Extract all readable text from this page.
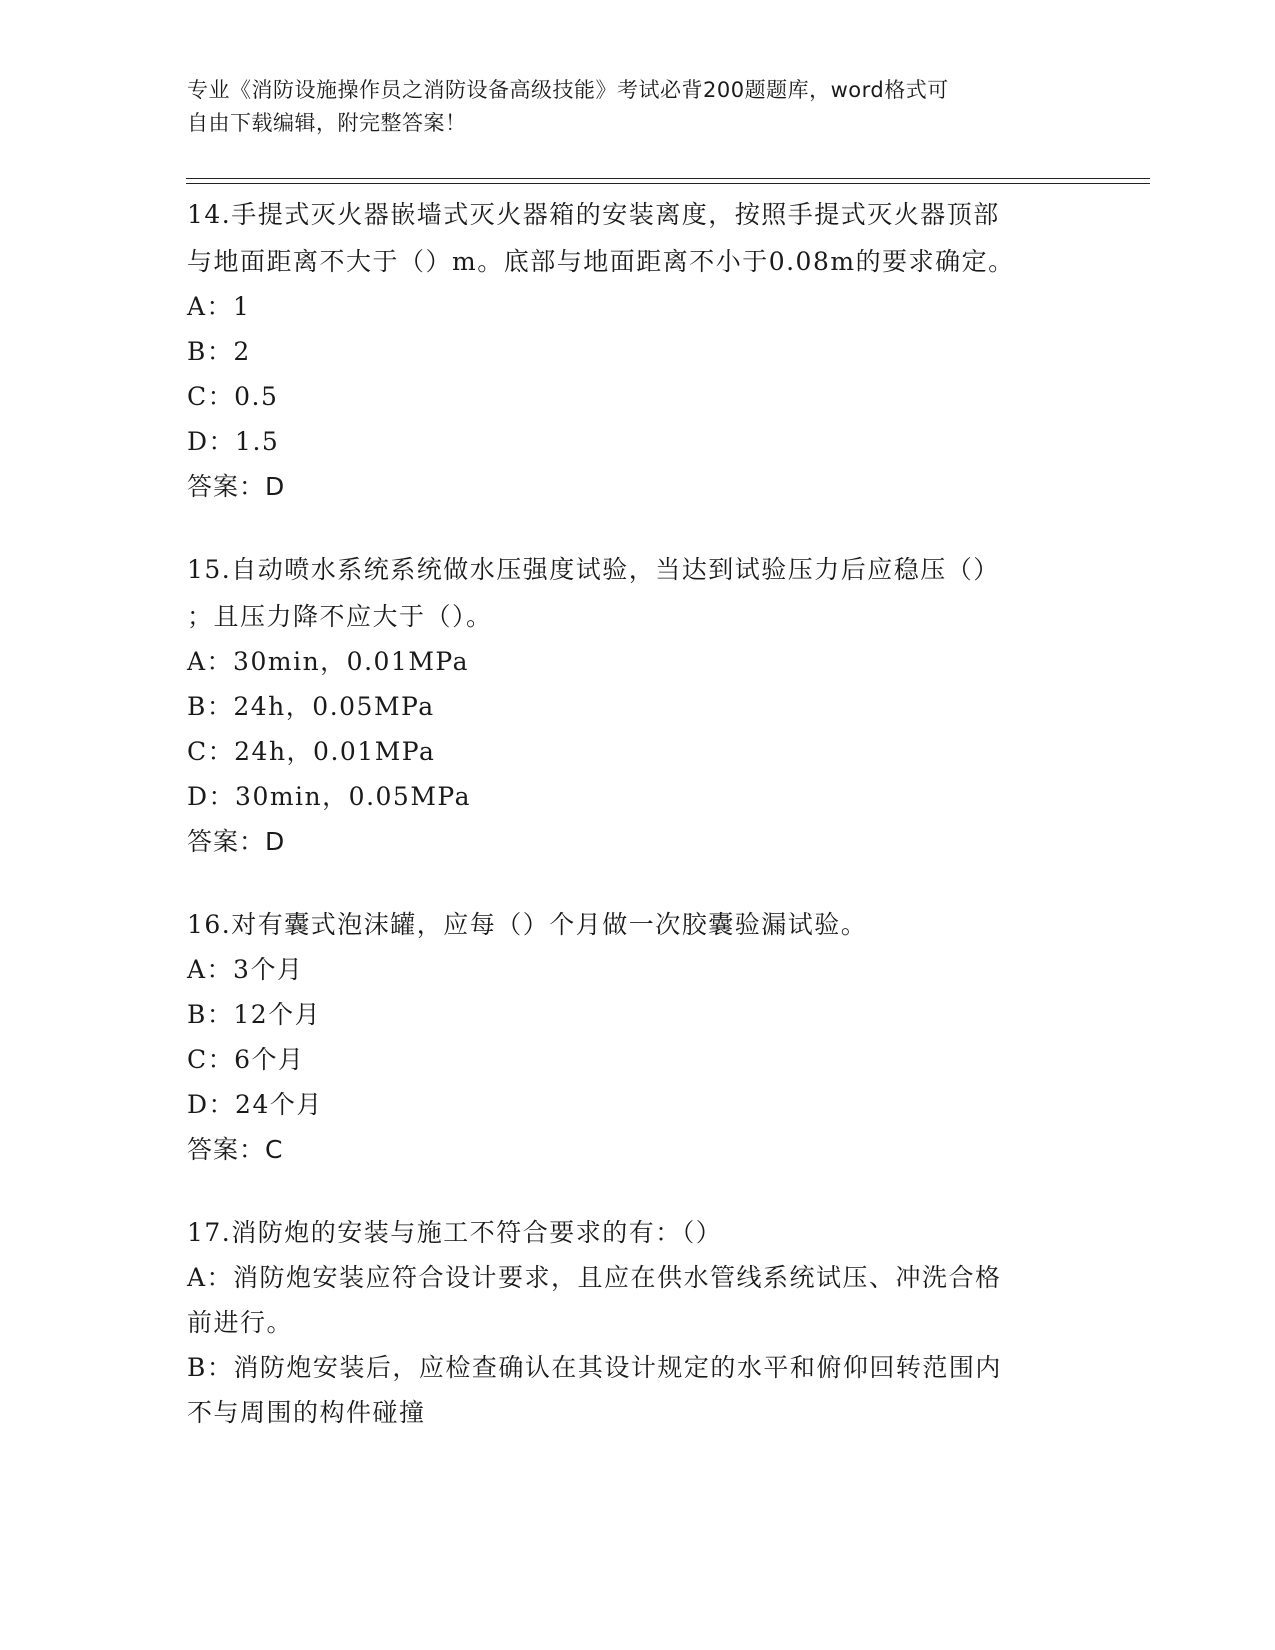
专业《消防设施操作员之消防设备高级技能》考试必背200题题库，word格式可
自由下载编辑，附完整答案！
14.手提式灭火器嵌墙式灭火器箱的安装离度，按照手提式灭火器顶部
与地面距离不大于（）m。底部与地面距离不小于0.08m的要求确定。
A：1
B：2
C：0.5
D：1.5
答案：D
15.自动喷水系统系统做水压强度试验，当达到试验压力后应稳压（）
；且压力降不应大于（）。
A：30min，0.01MPa
B：24h，0.05MPa
C：24h，0.01MPa
D：30min，0.05MPa
答案：D
16.对有囊式泡沫罐，应每（）个月做一次胶囊验漏试验。
A：3个月
B：12个月
C：6个月
D：24个月
答案：C
17.消防炮的安装与施工不符合要求的有：（）
A：消防炮安装应符合设计要求，且应在供水管线系统试压、冲洗合格
前进行。
B：消防炮安装后，应检查确认在其设计规定的水平和俯仰回转范围内
不与周围的构件碰撞
